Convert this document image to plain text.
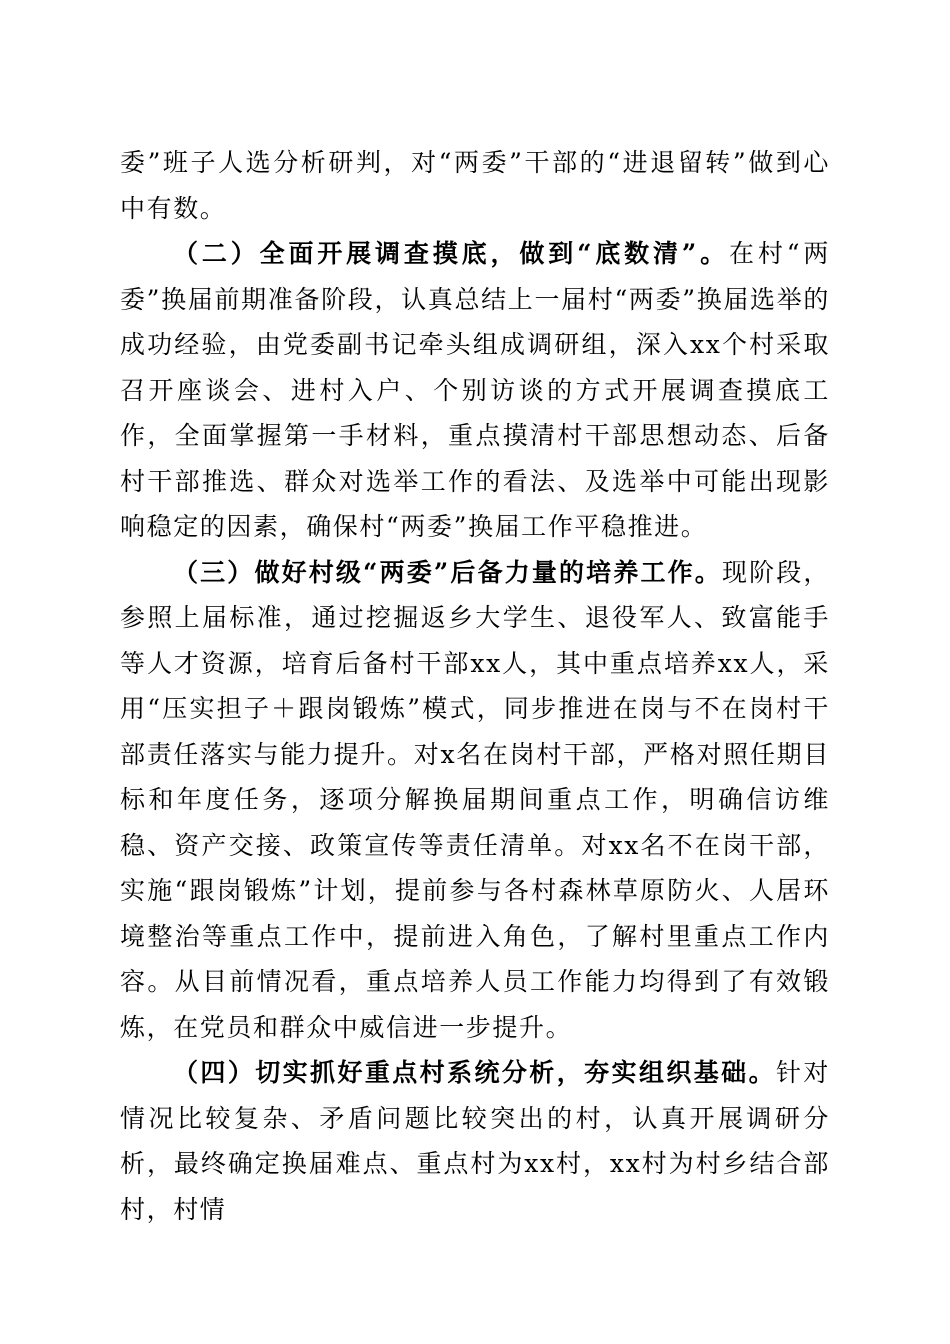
委”班子人选分析研判，对“两委”干部的“进退留转”做到心中有数。

（二）全面开展调查摸底，做到“底数清”。在村“两委”换届前期准备阶段，认真总结上一届村“两委”换届选举的成功经验，由党委副书记牵头组成调研组，深入xx个村采取召开座谈会、进村入户、个别访谈的方式开展调查摸底工作，全面掌握第一手材料，重点摸清村干部思想动态、后备村干部推选、群众对选举工作的看法、及选举中可能出现影响稳定的因素，确保村“两委”换届工作平稳推进。

（三）做好村级“两委”后备力量的培养工作。现阶段，参照上届标准，通过挖掘返乡大学生、退役军人、致富能手等人才资源，培育后备村干部xx人，其中重点培养xx人，采用“压实担子＋跟岗锻炼”模式，同步推进在岗与不在岗村干部责任落实与能力提升。对x名在岗村干部，严格对照任期目标和年度任务，逐项分解换届期间重点工作，明确信访维稳、资产交接、政策宣传等责任清单。对xx名不在岗干部，实施“跟岗锻炼”计划，提前参与各村森林草原防火、人居环境整治等重点工作中，提前进入角色，了解村里重点工作内容。从目前情况看，重点培养人员工作能力均得到了有效锻炼，在党员和群众中威信进一步提升。

（四）切实抓好重点村系统分析，夯实组织基础。针对情况比较复杂、矛盾问题比较突出的村，认真开展调研分析，最终确定换届难点、重点村为xx村，xx村为村乡结合部村，村情
